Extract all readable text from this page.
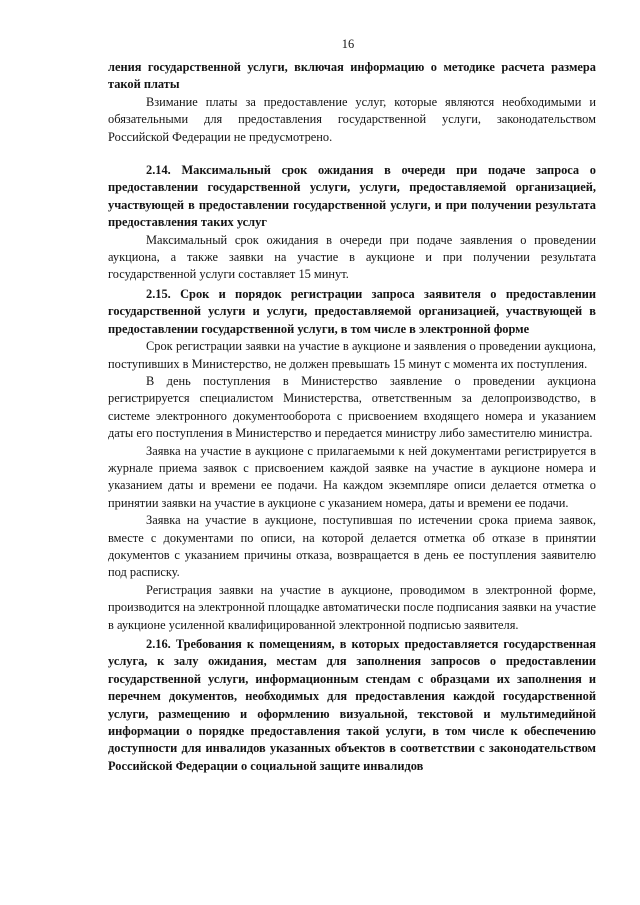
16

ления государственной услуги, включая информацию о методике расчета размера такой платы

Взимание платы за предоставление услуг, которые являются необходимыми и обязательными для предоставления государственной услуги, законодательством Российской Федерации не предусмотрено.

2.14. Максимальный срок ожидания в очереди при подаче запроса о предоставлении государственной услуги, услуги, предоставляемой организацией, участвующей в предоставлении государственной услуги, и при получении результата предоставления таких услуг

Максимальный срок ожидания в очереди при подаче заявления о проведении аукциона, а также заявки на участие в аукционе и при получении результата государственной услуги составляет 15 минут.

2.15. Срок и порядок регистрации запроса заявителя о предоставлении государственной услуги и услуги, предоставляемой организацией, участвующей в предоставлении государственной услуги, в том числе в электронной форме

Срок регистрации заявки на участие в аукционе и заявления о проведении аукциона, поступивших в Министерство, не должен превышать 15 минут с момента их поступления.

В день поступления в Министерство заявление о проведении аукциона регистрируется специалистом Министерства, ответственным за делопроизводство, в системе электронного документооборота с присвоением входящего номера и указанием даты его поступления в Министерство и передается министру либо заместителю министра.

Заявка на участие в аукционе с прилагаемыми к ней документами регистрируется в журнале приема заявок с присвоением каждой заявке на участие в аукционе номера и указанием даты и времени ее подачи. На каждом экземпляре описи делается отметка о принятии заявки на участие в аукционе с указанием номера, даты и времени ее подачи.

Заявка на участие в аукционе, поступившая по истечении срока приема заявок, вместе с документами по описи, на которой делается отметка об отказе в принятии документов с указанием причины отказа, возвращается в день ее поступления заявителю под расписку.

Регистрация заявки на участие в аукционе, проводимом в электронной форме, производится на электронной площадке автоматически после подписания заявки на участие в аукционе усиленной квалифицированной электронной подписью заявителя.

2.16. Требования к помещениям, в которых предоставляется государственная услуга, к залу ожидания, местам для заполнения запросов о предоставлении государственной услуги, информационным стендам с образцами их заполнения и перечнем документов, необходимых для предоставления каждой государственной услуги, размещению и оформлению визуальной, текстовой и мультимедийной информации о порядке предоставления такой услуги, в том числе к обеспечению доступности для инвалидов указанных объектов в соответствии с законодательством Российской Федерации о социальной защите инвалидов
